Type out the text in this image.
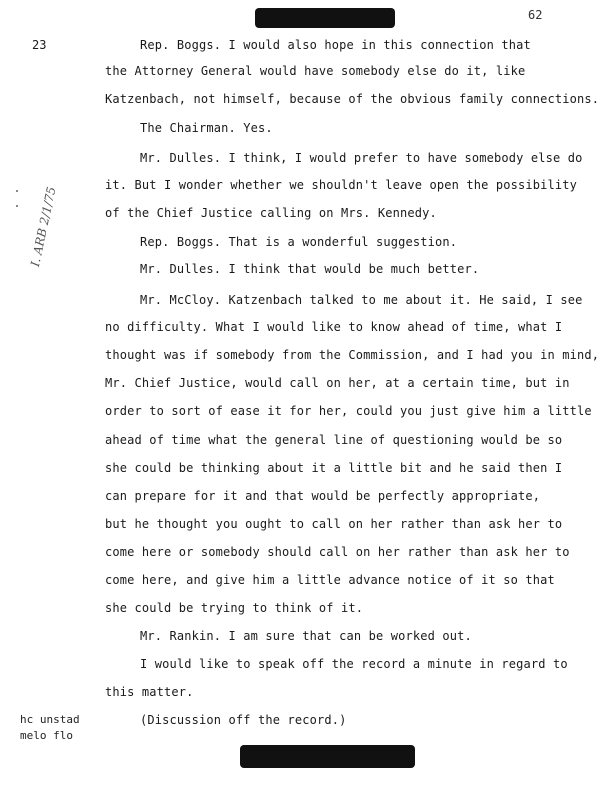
62
23
I. ARB 2/1/75
Rep. Boggs. I would also hope in this connection that
the Attorney General would have somebody else do it, like
Katzenbach, not himself, because of the obvious family connections.
The Chairman. Yes.
Mr. Dulles. I think, I would prefer to have somebody else do
it. But I wonder whether we shouldn't leave open the possibility
of the Chief Justice calling on Mrs. Kennedy.
Rep. Boggs. That is a wonderful suggestion.
Mr. Dulles. I think that would be much better.
Mr. McCloy. Katzenbach talked to me about it. He said, I see
no difficulty. What I would like to know ahead of time, what I
thought was if somebody from the Commission, and I had you in mind,
Mr. Chief Justice, would call on her, at a certain time, but in
order to sort of ease it for her, could you just give him a little
ahead of time what the general line of questioning would be so
she could be thinking about it a little bit and he said then I
can prepare for it and that would be perfectly appropriate,
but he thought you ought to call on her rather than ask her to
come here or somebody should call on her rather than ask her to
come here, and give him a little advance notice of it so that
she could be trying to think of it.
Mr. Rankin. I am sure that can be worked out.
I would like to speak off the record a minute in regard to
this matter.
(Discussion off the record.)
hc unstad
melo flo
